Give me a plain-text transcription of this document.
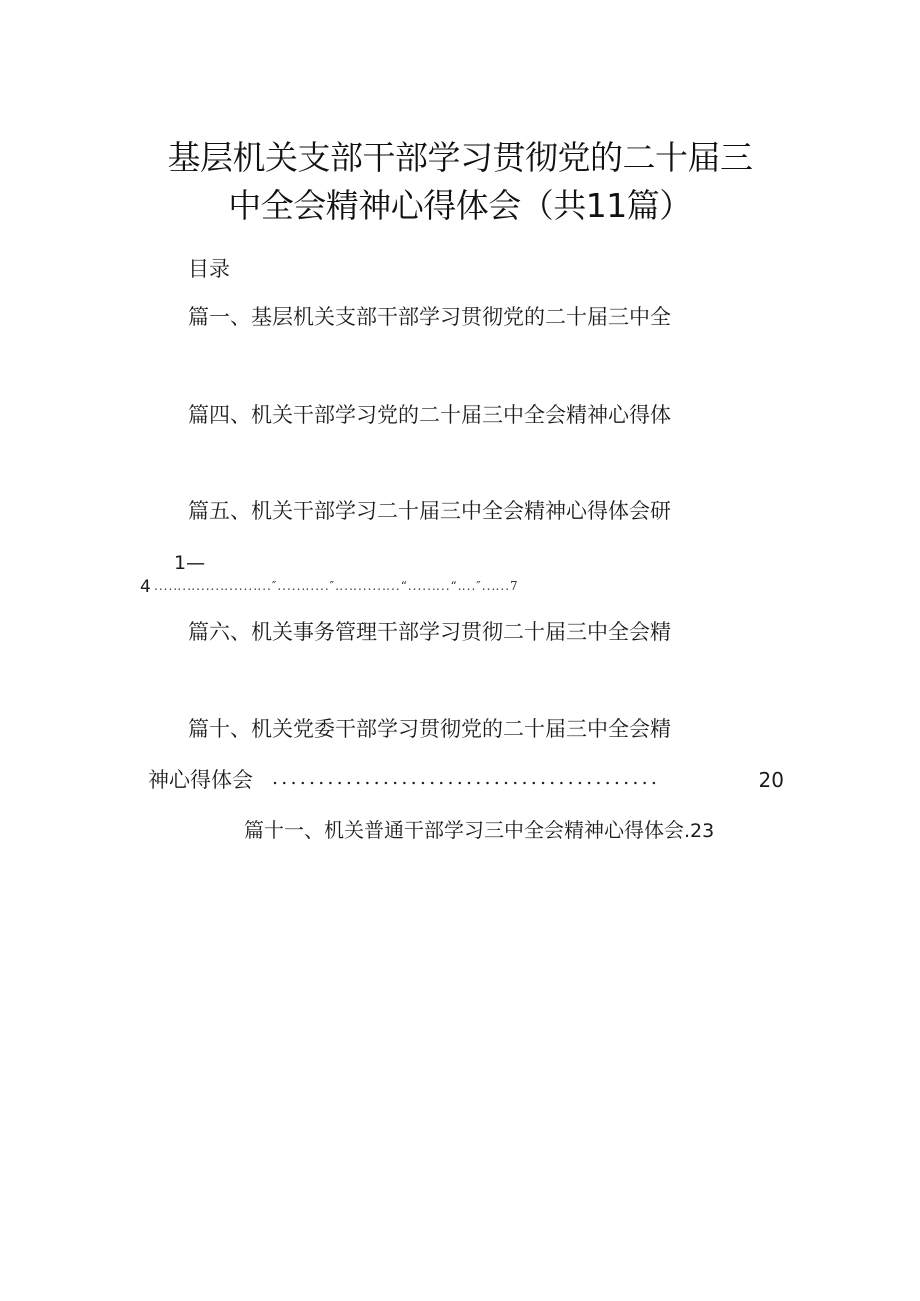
基层机关支部干部学习贯彻党的二十届三
中全会精神心得体会（共11篇）
目录
篇一、基层机关支部干部学习贯彻党的二十届三中全
篇四、机关干部学习党的二十届三中全会精神心得体
篇五、机关干部学习二十届三中全会精神心得体会研
1—
4 ....‥.‥.....‥.....‥..″.....‥....″‥.‥.....‥..“.....‥..“‥..″..‥..7
篇六、机关事务管理干部学习贯彻二十届三中全会精
篇十、机关党委干部学习贯彻党的二十届三中全会精
神心得体会 ..........................................	20
篇十一、机关普通干部学习三中全会精神心得体会.23
